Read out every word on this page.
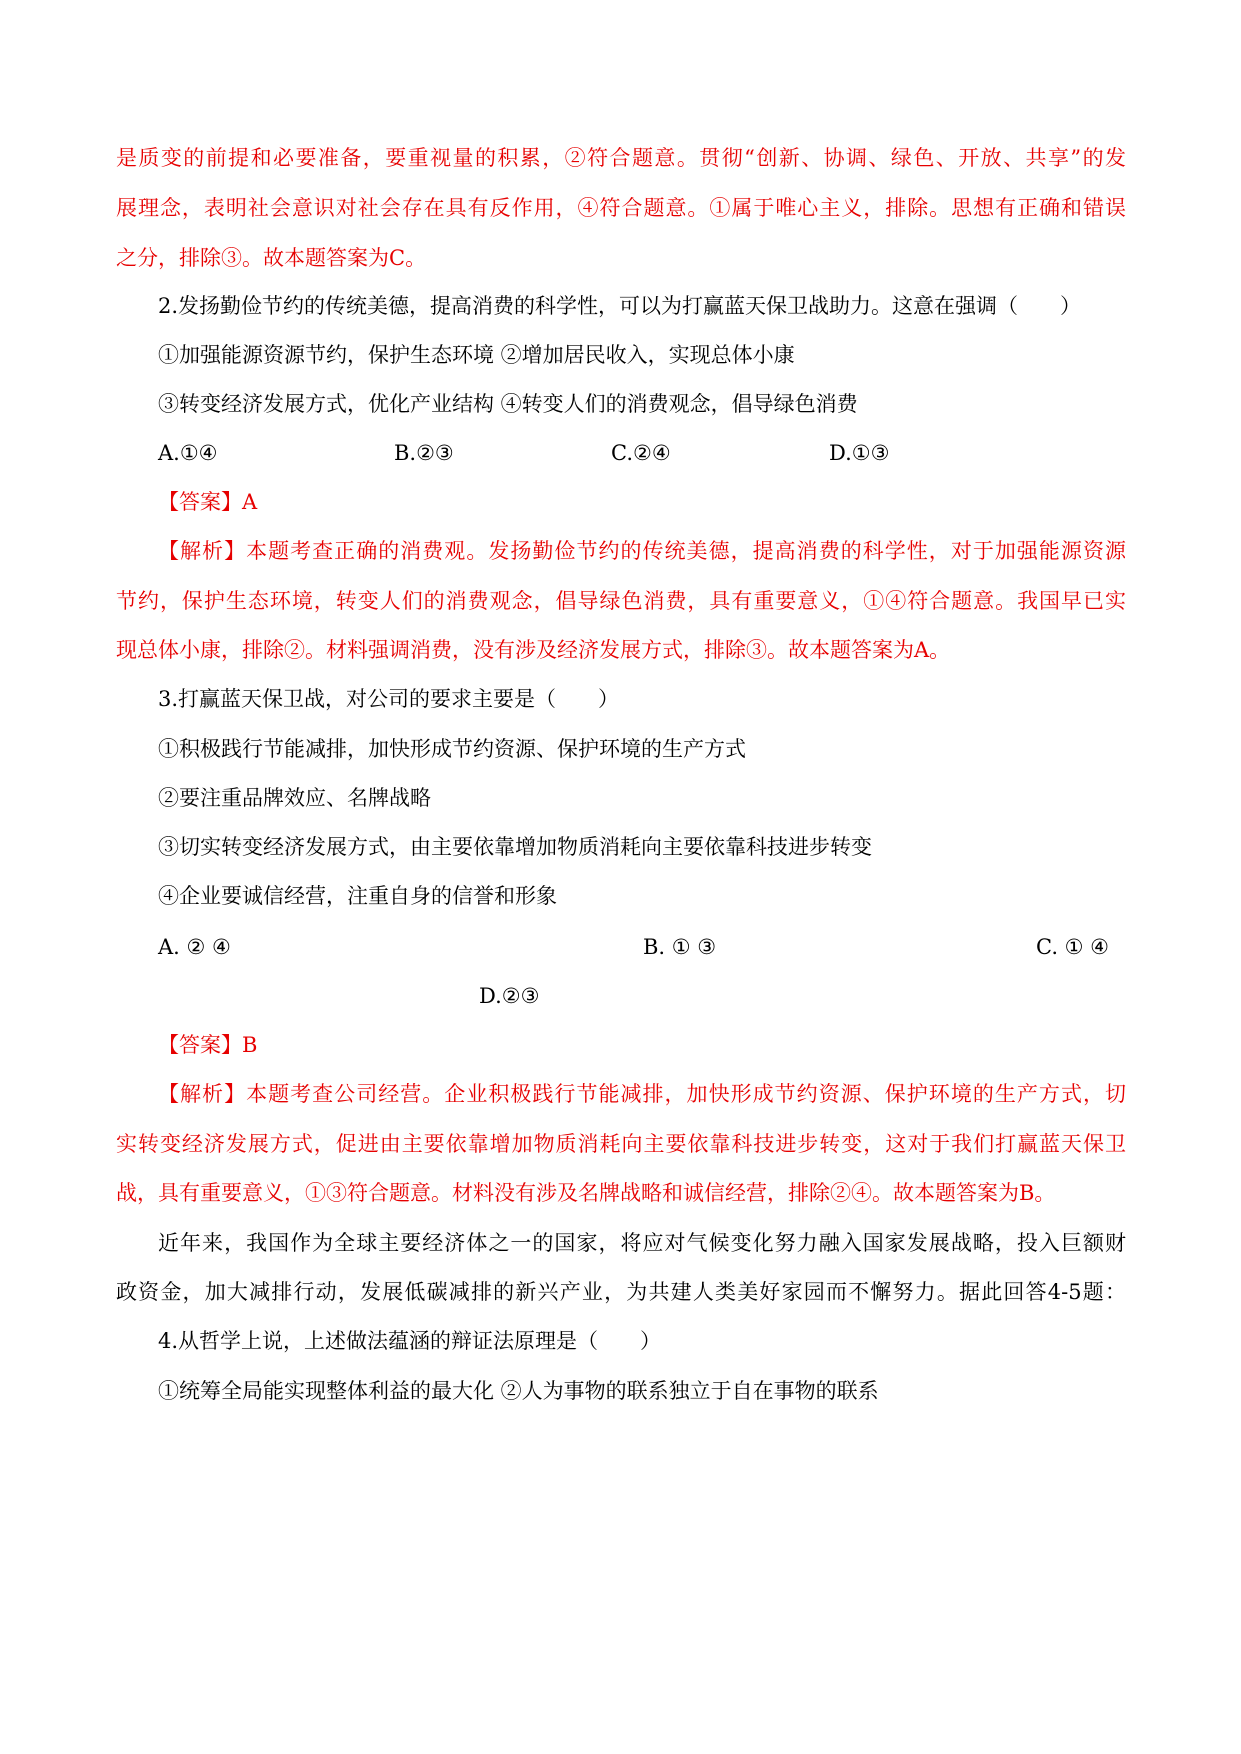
是质变的前提和必要准备，要重视量的积累，②符合题意。贯彻“创新、协调、绿色、开放、共享”的发
展理念，表明社会意识对社会存在具有反作用，④符合题意。①属于唯心主义，排除。思想有正确和错误
之分，排除③。故本题答案为C。
2.发扬勤俭节约的传统美德，提高消费的科学性，可以为打赢蓝天保卫战助力。这意在强调（　　）
①加强能源资源节约，保护生态环境 ②增加居民收入，实现总体小康
③转变经济发展方式，优化产业结构 ④转变人们的消费观念，倡导绿色消费
A.①④	B.②③	C.②④	D.①③
【答案】A
【解析】本题考查正确的消费观。发扬勤俭节约的传统美德，提高消费的科学性，对于加强能源资源
节约，保护生态环境，转变人们的消费观念，倡导绿色消费，具有重要意义，①④符合题意。我国早已实
现总体小康，排除②。材料强调消费，没有涉及经济发展方式，排除③。故本题答案为A。
3.打赢蓝天保卫战，对公司的要求主要是（　　）
①积极践行节能减排，加快形成节约资源、保护环境的生产方式
②要注重品牌效应、名牌战略
③切实转变经济发展方式，由主要依靠增加物质消耗向主要依靠科技进步转变
④企业要诚信经营，注重自身的信誉和形象
A. ② ④	B. ① ③	C. ① ④
D.②③
【答案】B
【解析】本题考查公司经营。企业积极践行节能减排，加快形成节约资源、保护环境的生产方式，切
实转变经济发展方式，促进由主要依靠增加物质消耗向主要依靠科技进步转变，这对于我们打赢蓝天保卫
战，具有重要意义，①③符合题意。材料没有涉及名牌战略和诚信经营，排除②④。故本题答案为B。
近年来，我国作为全球主要经济体之一的国家，将应对气候变化努力融入国家发展战略，投入巨额财
政资金，加大减排行动，发展低碳减排的新兴产业，为共建人类美好家园而不懈努力。据此回答4-5题：
4.从哲学上说，上述做法蕴涵的辩证法原理是（　　）
①统筹全局能实现整体利益的最大化 ②人为事物的联系独立于自在事物的联系
